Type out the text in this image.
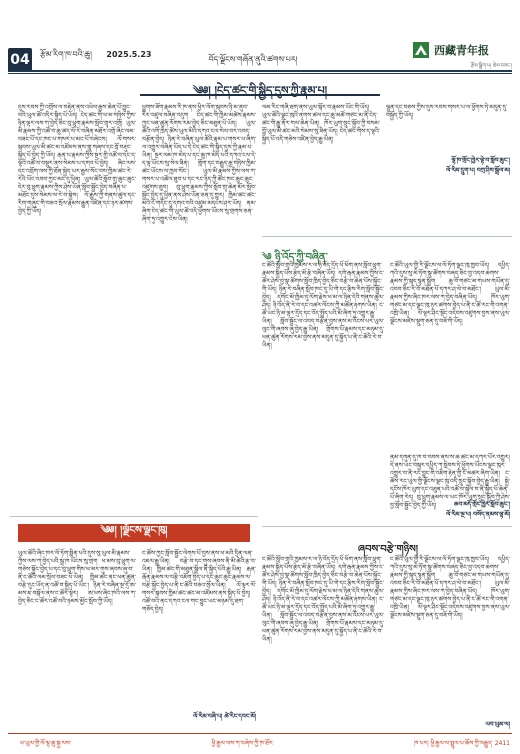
04 རྩོམ་རིག་ཁ་བའི་ཆུ། 2025.5.23
བོད་ལྗོངས་གཞོན་ནུའི་ཚགས་པར།
西藏青年报
རྩོམ་སྒྲིག་པ། ཆེས་བཟང་།
༄༅། །ངེད་ཚང་གི་སྐྱིད་དུས་ཀྱི་རྣམ་པ།
དུས་རབས་ཀྱི་འགྲོས་ལ་བརྟེན་ནས་འཕེལ་རྒྱས་ཆེན་པོ་བྱུང་བའི་ཡུལ་ཚོ་འདིར་སྐྱིད་པོ་ཡོད། ངེད་ཚང་གི་ཕ་མ་གཉིས་ཀྱིས་ཉིན་ལྟར་ལས་ཀ་བྱེད་ཅིང་བུ་ཕྲུག་རྣམས་སློབ་གྲྭར་འགྲོ། ཡུལ་མི་རྣམས་ཀྱི་འཚོ་བ་ཆུ་ཚད་ལོ་རེ་བཞིན་མཐོར་འགྲོ་ཞིང་ལམ་བཟང་པོ་དང་ཁང་པ་གསར་པ་མང་པོ་བཞེངས། ལོ་གསར་སྐབས་ཡུལ་མི་ཚང་མ་འཛོམས་ནས་གླུ་གཞས་དང་བྲོ་བརྡུང་སྐྱིད་པོ་བྱེད་ཀྱི་ཡོད། རྒན་པ་རྣམས་ཀྱིས་སྔར་གྱི་འཚོ་བ་དང་ད་ལྟའི་འཚོ་བ་བསྡུར་ནས་སེམས་པ་དགའ་པོ་བྱེད། ཞིང་ལས་དང་འབྲོག་ལས་ཀྱི་ཐོན་སྐྱེད་ཡར་རྒྱས་སོང་བས་ཁྱིམ་ཚང་རེ་རེའི་ཡོང་འབབ་ཀྱང་མང་དུ་ཕྱིན། ཡུལ་ཚོའི་སློབ་གྲྭ་ཆུང་ཆུང་དེར་བུ་ཕྲུག་རྣམས་ཀྱིས་ཤེས་ཡོན་སློབ་སྦྱོང་བྱེད་བཞིན་པ་མཐོང་དུས་སེམས་ལ་རེ་བ་སྐྱེས། ལོ་རྒྱུས་ཀྱི་གནས་ཚུལ་དང་རིག་གཞུང་གི་བཅའ་སྲོལ་རྣམས་རྒྱུན་འཛིན་དང་ཉར་ཚགས་བྱེད་ཀྱི་ཡོད།
ཕྱུགས་ཟོག་རྣམས་རི་ཁ་ནས་ཕྱིར་ལོག་སྐབས་ཉི་མ་ནུབ་རིར་འཛུལ་བཞིན་འདུག ངེད་ཚང་གི་ཁྱིམ་མཚེས་རྣམས་ཀྱང་ཕན་ཚུན་རོགས་རམ་བྱེད་ཅིང་མཐུན་པོ་ཡོད། ཡུལ་ཚོའི་འགོ་ཁྲིད་ཚོས་ཡུལ་མིའི་དཀའ་ངལ་སེལ་བར་འབད་བརྩོན་བྱེད། ཉིན་རེ་བཞིན་ཡུལ་ཚོའི་རྣམ་པ་གསར་པ་ཞིག་ལ་འགྱུར་བཞིན་ཡོད་པ་དེ་ངེད་ཚང་གི་སྐྱིད་དུས་ཀྱི་རྣམ་པ་ཡིན། སྔར་ལམ་ཁ་མེད་པ་དང་ཆུ་ཁ་མེད་པའི་དཀའ་ངལ་དེ་ད་ལྟ་ཡོངས་སུ་སེལ་ཟིན། གློག་དང་བརྒྱུད་རྒྱ་གཉིས་ཁྱིམ་ཚང་ཡོངས་ལ་ཁྱབ་སོང་། ཡུལ་མི་རྣམས་ཀྱིས་ལས་ཀ་གསར་པ་འཚོལ་ཐུབ་པ་དང་རང་ཉིད་ཀྱི་ཚོང་ཁང་ཆུང་ཆུང་འཛུགས་ཐུབ། བུ་ཕྲུག་རྣམས་ཀྱིས་སློབ་གྲྭ་ཆེན་མོར་སློབ་སྦྱོང་བྱེད་དུ་ཕྱིན་ནས་ཤེས་ཡོན་ཅན་དུ་གྱུར། ཁྱིམ་ཚང་ཚང་མའི་ངོ་གདོང་དུ་དགའ་བའི་འཛུམ་མདངས་ཤར་ཡོད། ནམ་ཞིག་ངེད་ཚང་གི་ཡུལ་ཚོ་འདི་ཕྱོགས་ཡོངས་སུ་གྲགས་ཅན་ཞིག་ཏུ་འགྱུར་ངེས་ཡིན།
ལམ་རིང་གཞི་ཐག་ནས་ཡུལ་སྐོར་བ་རྣམས་ཡོང་གི་ཡོད། ཡུལ་ཚོའི་ལྗང་ཁུའི་ནགས་ཚལ་དང་ཆུ་མཚོ་གཙང་མ་ནི་ངེད་ཚང་གི་རྒྱུ་ནོར་གལ་ཆེན་ཡིན། ཁོར་ཡུག་སྲུང་སྐྱོབ་ཀྱི་བསམ་བློ་ཡུལ་མི་ཚང་མའི་སེམས་སུ་ཟིན་ཡོད། ངེད་ཚང་གིས་ད་ལྟའི་སྐྱིད་པོ་འདི་གཅེས་འཛིན་བྱེད་རྒྱུ་ཡིན།
ལྷུན་དང་བཅས་ཀྱིས་དུས་རབས་གསར་པ་ལ་ཕྱོགས་ཏེ་མདུན་དུ་བསྐྱོད་ཀྱི་ཡོད།
ལྷོ་ཁ་གྲོང་ཁྱེར་ལྟེ་བ་སློབ་ཆུང་།
ལོ་རིམ་དྲུག་པ། བཀྲ་ཤིས་སྒྲོལ་མ།
༄ ཉི་འོད་ཀྱི་བཞིན་
ང་ཚོའི་སློབ་གྲྭའི་ཁྱམས་ར་ལ་ཉི་འོད་དྲོད་པོ་ཕོག་ནས་སློབ་ཕྲུག་རྣམས་སྐྱིད་པོས་རྩེད་མོ་རྩེ་བཞིན་ཡོད། དགེ་རྒན་རྣམས་ཀྱིས་ང་ཚོར་ཤེས་བྱ་སྣ་ཚོགས་སློབ་ཁྲིད་བྱེད་ཅིང་བརྩེ་བ་ཆེན་པོས་སྐྱོང་གི་ཡོད། ཉིན་རེ་བཞིན་སློབ་ཁང་དུ་ཡི་གེ་དང་རྩིས་རིག་སློབ་སྦྱོང་བྱེད། དགོང་མོ་ཁྱིམ་དུ་ལོག་རྗེས་ཕ་མ་ལ་ཉིན་དེའི་གནས་ཚུལ་ཤོད། ཉི་འོད་ནི་རེ་བ་དང་འཚར་ལོངས་ཀྱི་མཚོན་རྟགས་ཡིན། ང་ཚོ་ཡང་ཉི་མ་ལྟར་དྲོད་དང་འོད་སྤྲོད་པའི་མི་ཞིག་ཏུ་འགྱུར་རྒྱུ་ཡིན། སློབ་སྦྱོང་ལ་འབད་བརྩོན་བྱས་ནས་མ་འོངས་པར་ཡུལ་ལུང་གི་ཞབས་ཞུ་བྱེད་རྒྱུ་ཡིན། གྲོགས་པོ་རྣམས་དང་མཉམ་དུ་ཕན་ཚུན་རོགས་རམ་བྱས་ནས་མདུན་དུ་སྐྱོད་པ་ནི་ང་ཚོའི་རེ་བ་ཡིན།
ང་ཚོའི་ཡུལ་གྱི་རི་ལྗོངས་ལ་ལོ་ཏོག་ལྗང་ཁུ་ཁྱབ་ཡོད། དཔྱིད་ཀའི་དུས་སུ་མེ་ཏོག་སྣ་ཚོགས་བཞད་ཅིང་བྱ་འདབ་ཆགས་རྣམས་ཀྱི་སྐད་སྙན་སྒྲོག ཆུ་བོ་གཙང་མ་གཡས་གཡོན་དུ་འབབ་ཅིང་རི་བོ་མཐོན་པོ་དཀར་ཤ་ལེ་བ་མཐོང་། ཡུལ་མི་རྣམས་ཀྱིས་ཞིང་ཁར་ལས་ཀ་བྱེད་བཞིན་ཡོད། ཁོར་ཡུག་གཙང་མ་དང་ལྗང་ཁུ་ཉར་ཚགས་བྱེད་པ་ནི་ང་ཚོ་རང་གི་འགན་འཁྲི་ཡིན། ལོ་ལྟར་ཤིང་སྡོང་འདེབས་འཛུགས་བྱས་ནས་ཡུལ་ལྗོངས་མཛེས་སྡུག་ཅན་དུ་བཟོ་གི་ཡོད།
ནམ་དགུན་དུ་ཁ་བ་བབས་ནས་ས་ཆ་ཚང་མ་དཀར་པོར་འགྱུར། དེ་ནས་ཡང་བསྐྱར་དཔྱིད་ཀ་སླེབས་ཏེ་ཕྱོགས་ཡོངས་ལྗང་ཁུར་འགྱུར་བ་ནི་རང་བྱུང་གི་འཇིག་རྟེན་གྱི་ངོ་མཚར་ཞིག་ཡིན། ང་ཚོས་རང་ཡུལ་གྱི་ལྗོངས་ལྗང་ཁུ་འདི་སྲུང་སྐྱོབ་བྱེད་རྒྱུ་ཡིན། སྐྱེ་དངོས་ཁོར་ཡུག་དང་འཐུན་པའི་འཚོ་བ་སྐྱེལ་བ་ནི་སྐྱིད་པོ་ཆེན་པོ་ཞིག་རེད། བུ་ཕྲུག་རྣམས་ལ་ཡང་ཁོར་ཡུག་སྲུང་སྐྱོབ་ཀྱི་ཤེས་བྱ་སློབ་སྦྱོང་བྱེད་ཀྱི་ཡོད།	ཆབ་མདོ་གྲོང་ཁྱེར་སློབ་ཆུང་།
ལོ་རིམ་ལྔ་པ། བསོད་ནམས་ལྷ་མོ།
༄༅། །ལྗོངས་ལྗང་ཁུ།
ཡུལ་ཚོའི་ཞིང་ཁར་ལོ་ཏོག་སྨིན་པའི་དུས་སུ་ཡུལ་མི་རྣམས་ཀྱིས་ལས་ཀ་བྱེད་པའི་སྒྲ་ཁ་ཡོངས་སུ་གྲག ཕ་མས་བུ་ཕྲུག་ལ་གཅེས་སྐྱོང་བྱེད་པ་དང་བུ་ཕྲུག་གིས་ཕ་མར་གུས་ཞབས་ཞུ་བ་ནི་ང་ཚོའི་ལམ་སྲོལ་བཟང་པོ་ཡིན། ཁྱིམ་ཚང་ནང་ཕན་ཚུན་བརྩེ་དུང་ཡོད་ན་འཚོ་བ་སྐྱིད་པོ་ཡོང་། ཉིན་རེ་བཞིན་སྔ་དྲོ་ཨ་མས་ཇ་བསྐོལ་ནས་ང་ཚོར་སྟེར། ཨ་ཕས་ཞིང་ཁའི་ལས་ཀ་བྱེད་ཅིང་ང་ཚོར་འཚོ་བའི་ཉམས་མྱོང་སློབ་ཀྱི་ཡོད།
ང་ཚོས་ཀྱང་སློབ་སྦྱོང་ལེགས་པོ་བྱས་ནས་ཕ་མའི་དྲིན་ལན་འཇལ་རྒྱུ་ཡིན། བརྩེ་བ་དང་གུས་ཞབས་ནི་མི་ཚེའི་རྩ་བ་ཡིན། ཁྱིམ་ཚང་གི་མཐུན་སྒྲིལ་ནི་སྐྱིད་པོའི་རྒྱུ་ཡིན། རྒན་རྒོན་རྣམས་ལ་བརྩི་འཇོག་བྱེད་པ་དང་ཆུང་ཆུང་རྣམས་ལ་བརྩེ་སྐྱོང་བྱེད་པ་ནི་ང་ཚོའི་བཅའ་སྲོལ་ཡིན། ལོ་ལྟར་ལོ་གསར་སྐབས་ཁྱིམ་ཚང་ཚང་མ་འཛོམས་ནས་སྐྱིད་པོ་བྱེད། འཚོ་བའི་ནང་དཀའ་ངལ་གང་བྱུང་ཡང་མཉམ་དུ་ཐག་གཅོད་བྱེད།
ལོ་རིམ་བཞི་པ། ཚེ་རིང་དབང་མོ།
ཞབས་བརྩེ་གཉིས།
ང་ཚོའི་སློབ་གྲྭའི་ཁྱམས་ར་ལ་ཉི་འོད་དྲོད་པོ་ཕོག་ནས་སློབ་ཕྲུག་རྣམས་སྐྱིད་པོས་རྩེད་མོ་རྩེ་བཞིན་ཡོད། དགེ་རྒན་རྣམས་ཀྱིས་ང་ཚོར་ཤེས་བྱ་སྣ་ཚོགས་སློབ་ཁྲིད་བྱེད་ཅིང་བརྩེ་བ་ཆེན་པོས་སྐྱོང་གི་ཡོད། ཉིན་རེ་བཞིན་སློབ་ཁང་དུ་ཡི་གེ་དང་རྩིས་རིག་སློབ་སྦྱོང་བྱེད། དགོང་མོ་ཁྱིམ་དུ་ལོག་རྗེས་ཕ་མ་ལ་ཉིན་དེའི་གནས་ཚུལ་ཤོད། ཉི་འོད་ནི་རེ་བ་དང་འཚར་ལོངས་ཀྱི་མཚོན་རྟགས་ཡིན། ང་ཚོ་ཡང་ཉི་མ་ལྟར་དྲོད་དང་འོད་སྤྲོད་པའི་མི་ཞིག་ཏུ་འགྱུར་རྒྱུ་ཡིན། སློབ་སྦྱོང་ལ་འབད་བརྩོན་བྱས་ནས་མ་འོངས་པར་ཡུལ་ལུང་གི་ཞབས་ཞུ་བྱེད་རྒྱུ་ཡིན། གྲོགས་པོ་རྣམས་དང་མཉམ་དུ་ཕན་ཚུན་རོགས་རམ་བྱས་ནས་མདུན་དུ་སྐྱོད་པ་ནི་ང་ཚོའི་རེ་བ་ཡིན།
ང་ཚོའི་ཡུལ་གྱི་རི་ལྗོངས་ལ་ལོ་ཏོག་ལྗང་ཁུ་ཁྱབ་ཡོད། དཔྱིད་ཀའི་དུས་སུ་མེ་ཏོག་སྣ་ཚོགས་བཞད་ཅིང་བྱ་འདབ་ཆགས་རྣམས་ཀྱི་སྐད་སྙན་སྒྲོག ཆུ་བོ་གཙང་མ་གཡས་གཡོན་དུ་འབབ་ཅིང་རི་བོ་མཐོན་པོ་དཀར་ཤ་ལེ་བ་མཐོང་། ཡུལ་མི་རྣམས་ཀྱིས་ཞིང་ཁར་ལས་ཀ་བྱེད་བཞིན་ཡོད། ཁོར་ཡུག་གཙང་མ་དང་ལྗང་ཁུ་ཉར་ཚགས་བྱེད་པ་ནི་ང་ཚོ་རང་གི་འགན་འཁྲི་ཡིན། ལོ་ལྟར་ཤིང་སྡོང་འདེབས་འཛུགས་བྱས་ནས་ཡུལ་ལྗོངས་མཛེས་སྡུག་ཅན་དུ་བཟོ་གི་ཡོད།
ཡབ་ཡུམ་ལ།
ཕ་ཡུལ་གྱི་ལོ་ལྷ་ཆུ་སྐྱ་ལས་	ཕྱི་རྒྱལ་ལས་ཀ་བཞེས་ཀྱི་ཁ་ཐོར་	ཁ་པར། ཕྱི་རྒྱལ་ལ་སྤྲུལ་པ་ཆོས་ཀྱི་བརྒྱུད་ 2411
